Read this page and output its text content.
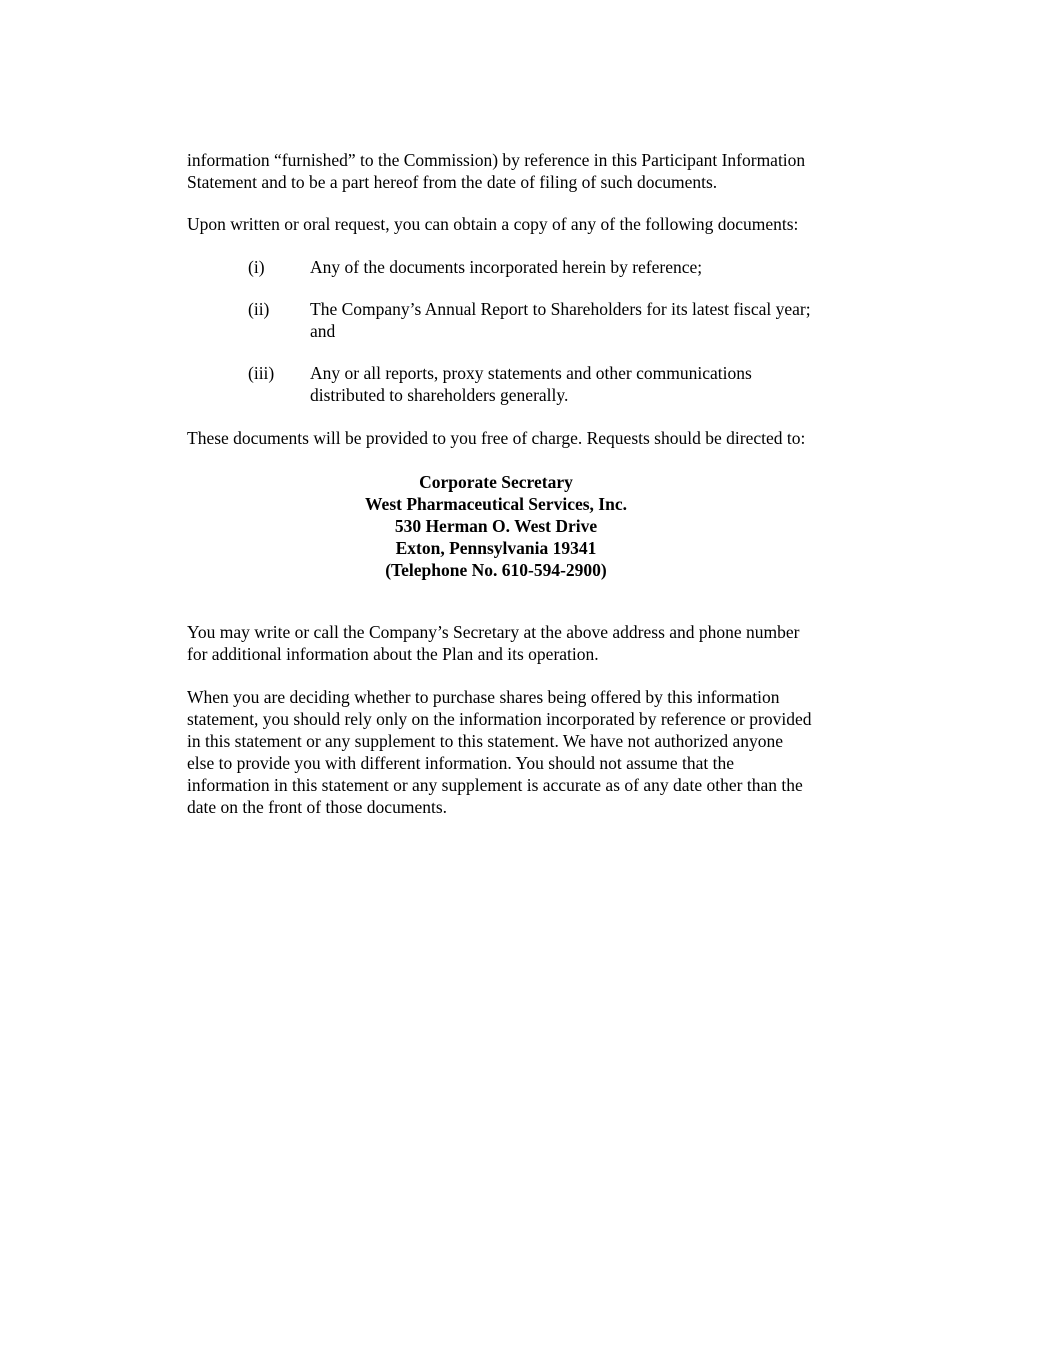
information “furnished” to the Commission) by reference in this Participant Information
Statement and to be a part hereof from the date of filing of such documents.

Upon written or oral request, you can obtain a copy of any of the following documents:

(i)	Any of the documents incorporated herein by reference;
(ii) The Company’s Annual Report to Shareholders for its latest fiscal year;
and
(iii) Any or all reports, proxy statements and other communications
distributed to shareholders generally.

These documents will be provided to you free of charge. Requests should be directed to:

Corporate Secretary
West Pharmaceutical Services, Inc.
530 Herman O. West Drive
Exton, Pennsylvania 19341
(Telephone No. 610-594-2900)

You may write or call the Company’s Secretary at the above address and phone number
for additional information about the Plan and its operation.

When you are deciding whether to purchase shares being offered by this information
statement, you should rely only on the information incorporated by reference or provided
in this statement or any supplement to this statement. We have not authorized anyone
else to provide you with different information. You should not assume that the
information in this statement or any supplement is accurate as of any date other than the
date on the front of those documents.
